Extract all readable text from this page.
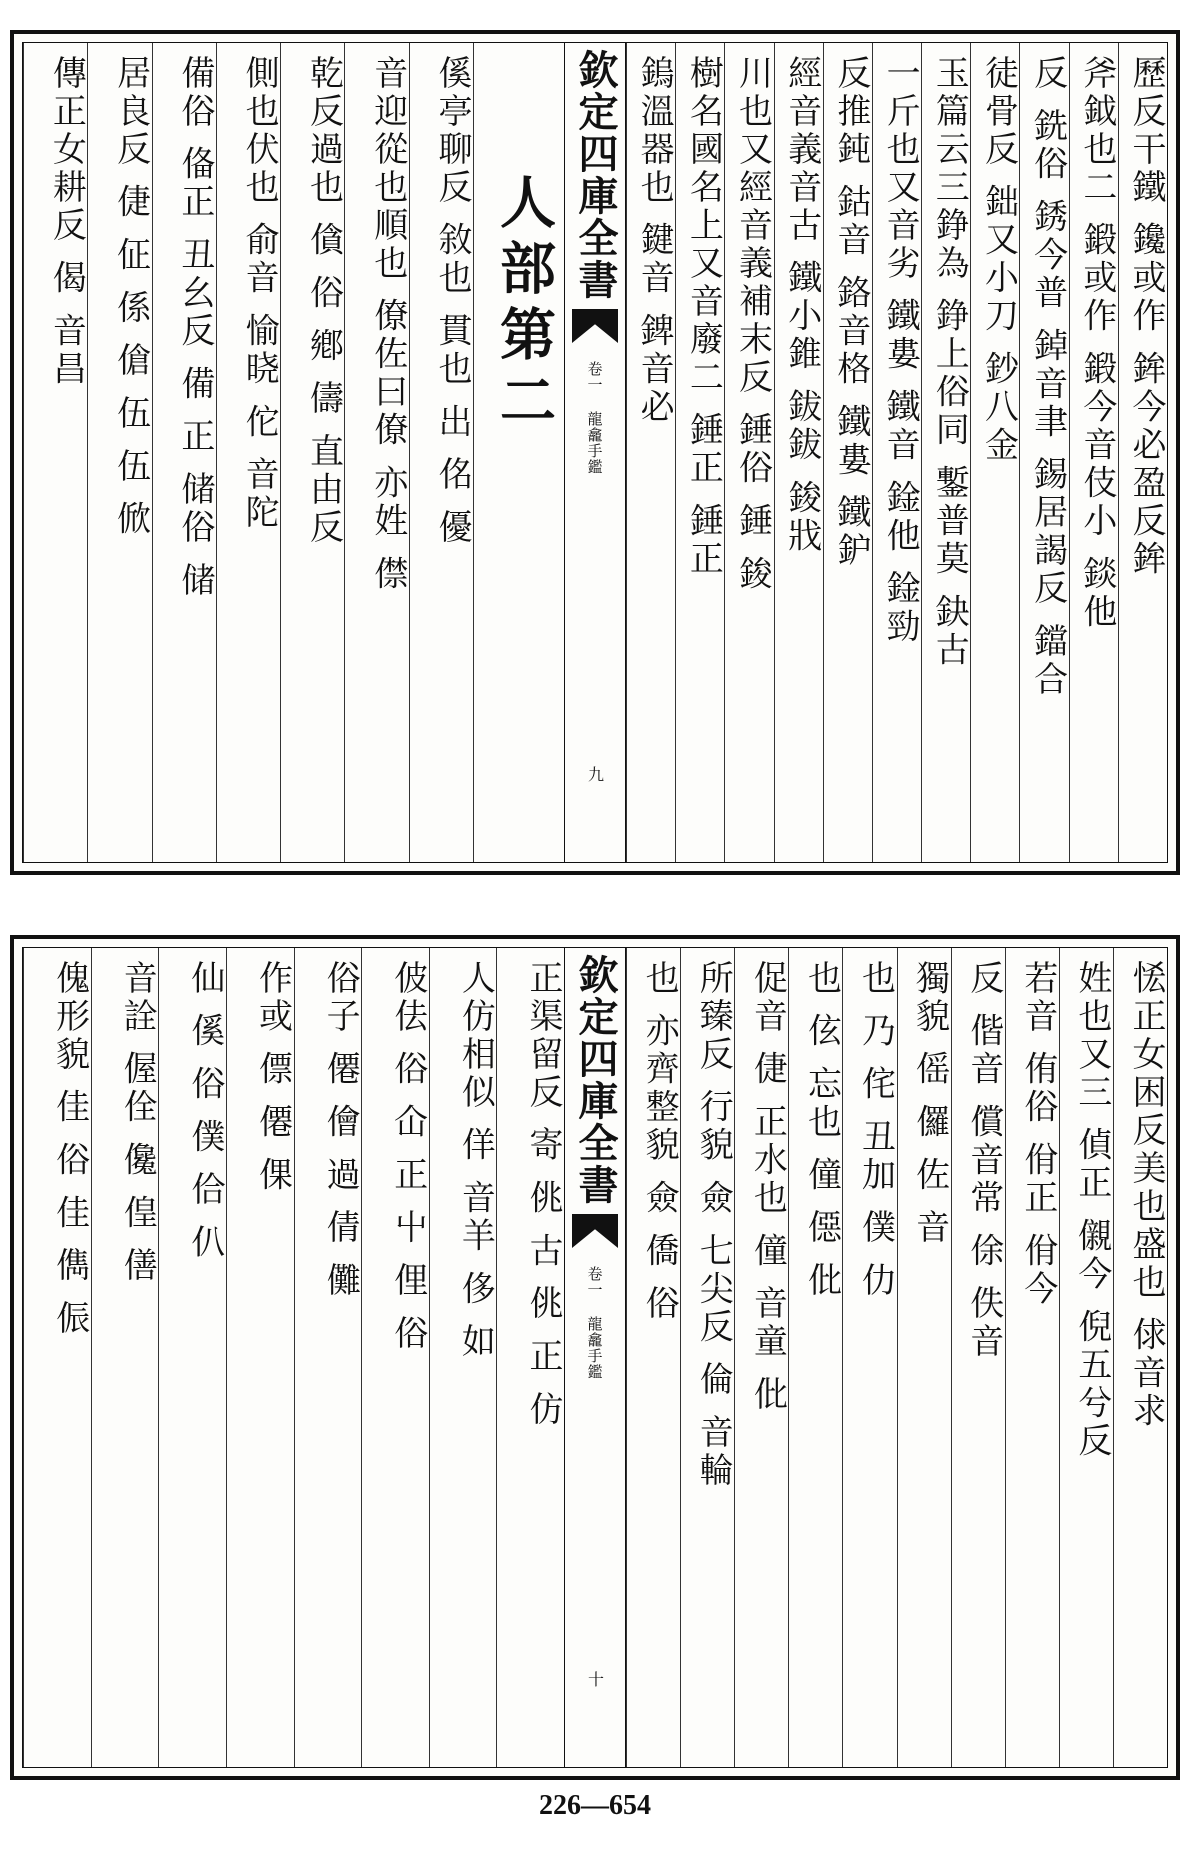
歷反干鐵 鑱或作 鉾今必盈反鉾
斧鉞也二 鍛或作 鍛今音伎小 錟他
反 銑俗 銹今普 鋽音聿 錫居謁反 鐺合
徒骨反 鈯又小刀 鈔八金
玉篇云三錚為 錚上俗同 鏨普莫 鈌古
一斤也又音劣 鐵婁 鐵音 鍂他 鍂勁
反推鈍 鈷音 鉻音格 鐵婁 鐵鈩
經音義音古 鐵小錐 鈸鈸 鋑戕
川也又經音義補末反 錘俗 錘 鋑
樹名國名上又音廢二 錘正 錘正
鎢溫器也 鍵音 錍音必
欽定四庫全書
卷一
龍龕手鑑
九
人部第二
傒亭聊反 敘也 貫也 出 佲 優
音迎從也順也 僚佐曰僚 亦姓 僸
乾反過也 僋 俗 鄕 儔 直由反
側也伏也 俞音 愉晓 佗 音陀
備俗 俻正 丑幺反 備 正 储俗 储
居良反 倢 佂 係 傖 伍 伍 俽
傳正女耕反 偈 音昌
恡正女困反美也盛也 俅音求
姓也又三 偵正 儭今 倪五兮反
若音 侑俗 佾正 佾今
反 偕音 償音常 俆 佚音
獨貌 傜 儸 佐 音
也 乃 侘 丑加 僕 仂
也 伭 忘也 僮 僫 仳
促音 倢 正水也 僮 音童 仳
所臻反 行貌 僉 七尖反 倫 音輪
也 亦齊整貌 僉 僑 俗
欽定四庫全書
卷一
龍龕手鑑
十
正渠留反 寄 佻 古 佻 正 仿
人仿相似 佯 音羊 侈 如
佊佉 俗 仚 正 屮 俚 俗
俗子 僊 儈 過 倩 儺
作或 僄 僊 倮
仙 傒 俗 僕 佮 仈
音詮 偓佺 儳 偟 僐
傀形貌 佳 俗 佳 儁 侲
226—654
